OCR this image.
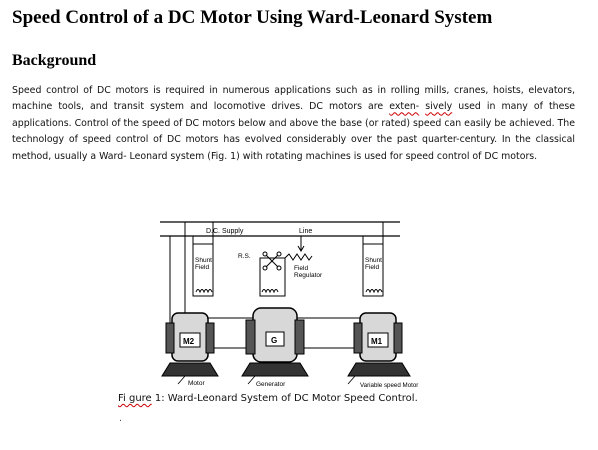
Speed Control of a DC Motor Using Ward-Leonard System
Background

Speed control of DC motors is required in numerous applications such as in rolling mills, cranes, hoists, elevators, machine tools, and transit system and locomotive drives. DC motors are exten- sively used in many of these applications. Control of the speed of DC motors below and above the base (or rated) speed can easily be achieved. The technology of speed control of DC motors has evolved considerably over the past quarter-century. In the classical method, usually a Ward- Leonard system (Fig. 1) with rotating machines is used for speed control of DC motors.

D.C. Supply	Line
Shunt
Field
R.S.
Field
Regulator
Shunt
Field
M2	G	M1
Motor	Generator	Variable speed Motor
Fi gure 1: Ward-Leonard System of DC Motor Speed Control.
.
